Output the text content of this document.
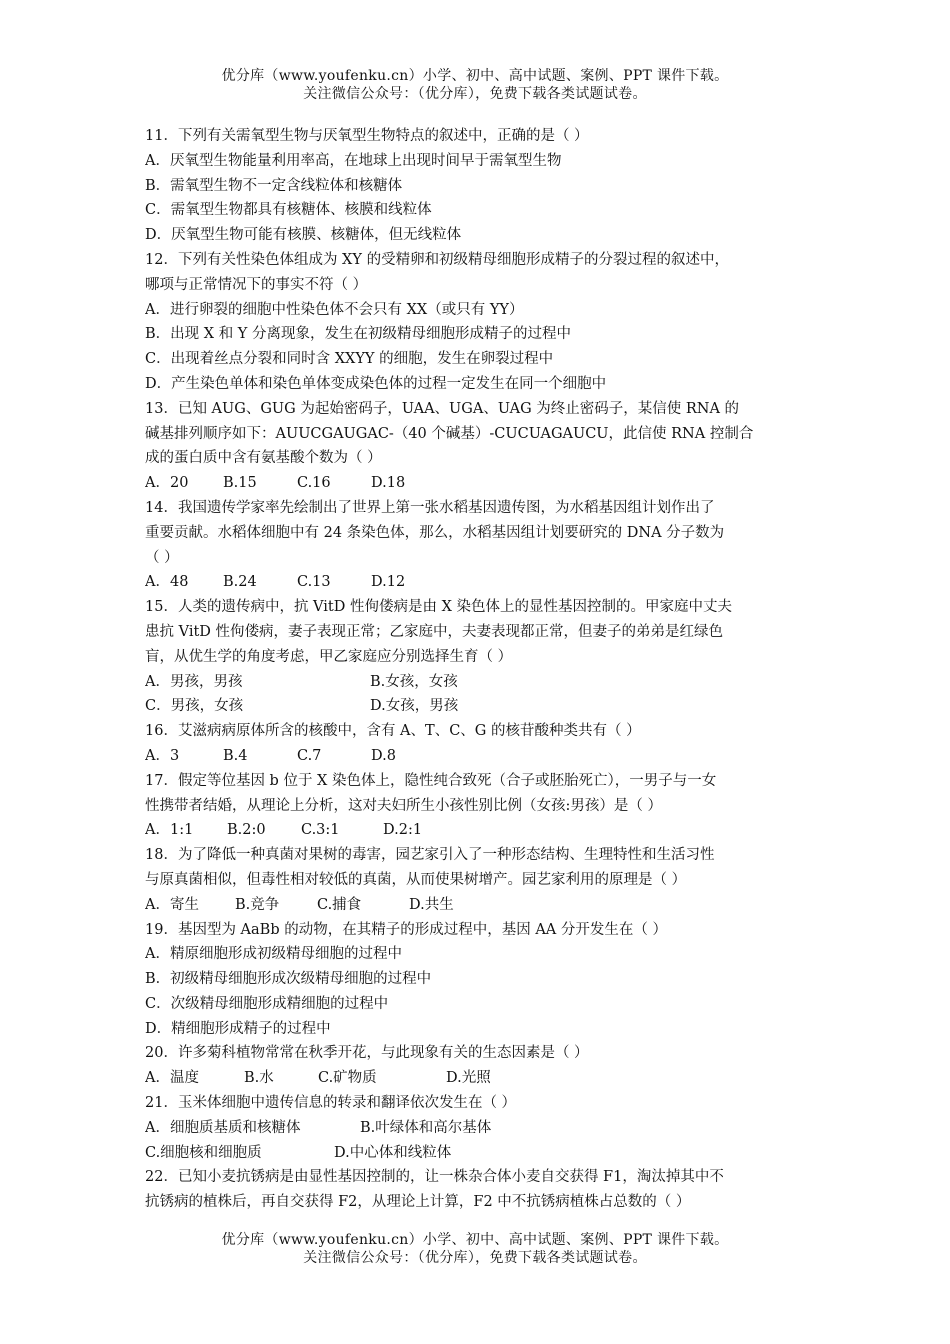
优分库（www.youfenku.cn）小学、初中、高中试题、案例、PPT 课件下载。
关注微信公众号：（优分库），免费下载各类试题试卷。
11．下列有关需氧型生物与厌氧型生物特点的叙述中，正确的是（ ）
A．厌氧型生物能量利用率高，在地球上出现时间早于需氧型生物
B．需氧型生物不一定含线粒体和核糖体
C．需氧型生物都具有核糖体、核膜和线粒体
D．厌氧型生物可能有核膜、核糖体，但无线粒体
12．下列有关性染色体组成为 XY 的受精卵和初级精母细胞形成精子的分裂过程的叙述中，
哪项与正常情况下的事实不符（ ）
A．进行卵裂的细胞中性染色体不会只有 XX（或只有 YY）
B．出现 X 和 Y 分离现象，发生在初级精母细胞形成精子的过程中
C．出现着丝点分裂和同时含 XXYY 的细胞，发生在卵裂过程中
D．产生染色单体和染色单体变成染色体的过程一定发生在同一个细胞中
13．已知 AUG、GUG 为起始密码子，UAA、UGA、UAG 为终止密码子，某信使 RNA 的
碱基排列顺序如下：AUUCGAUGAC-（40 个碱基）-CUCUAGAUCU，此信使 RNA 控制合
成的蛋白质中含有氨基酸个数为（ ）
A．20 B.15	C.16	D.18
14．我国遗传学家率先绘制出了世界上第一张水稻基因遗传图，为水稻基因组计划作出了
重要贡献。水稻体细胞中有 24 条染色体，那么，水稻基因组计划要研究的 DNA 分子数为
（ ）
A．48 B.24	C.13	D.12
15．人类的遗传病中，抗 VitD 性佝偻病是由 X 染色体上的显性基因控制的。甲家庭中丈夫
患抗 VitD 性佝偻病，妻子表现正常；乙家庭中，夫妻表现都正常，但妻子的弟弟是红绿色
盲，从优生学的角度考虑，甲乙家庭应分别选择生育（ ）
A．男孩，男孩	B.女孩，女孩
C．男孩，女孩	D.女孩，男孩
16．艾滋病病原体所含的核酸中，含有 A、T、C、G 的核苷酸种类共有（ ）
A．3	B.4	C.7	D.8
17．假定等位基因 b 位于 X 染色体上，隐性纯合致死（合子或胚胎死亡），一男子与一女
性携带者结婚，从理论上分析，这对夫妇所生小孩性别比例（女孩:男孩）是（ ）
A．1:1 B.2:0 C.3:1	D.2:1
18．为了降低一种真菌对果树的毒害，园艺家引入了一种形态结构、生理特性和生活习性
与原真菌相似，但毒性相对较低的真菌，从而使果树增产。园艺家利用的原理是（ ）
A．寄生 B.竞争	C.捕食	D.共生
19．基因型为 AaBb 的动物，在其精子的形成过程中，基因 AA 分开发生在（ ）
A．精原细胞形成初级精母细胞的过程中
B．初级精母细胞形成次级精母细胞的过程中
C．次级精母细胞形成精细胞的过程中
D．精细胞形成精子的过程中
20．许多菊科植物常常在秋季开花，与此现象有关的生态因素是（ ）
A．温度	B.水	C.矿物质	D.光照
21．玉米体细胞中遗传信息的转录和翻译依次发生在（ ）
A．细胞质基质和核糖体	B.叶绿体和高尔基体
C.细胞核和细胞质	D.中心体和线粒体
22．已知小麦抗锈病是由显性基因控制的，让一株杂合体小麦自交获得 F1，淘汰掉其中不
抗锈病的植株后，再自交获得 F2，从理论上计算，F2 中不抗锈病植株占总数的（ ）
优分库（www.youfenku.cn）小学、初中、高中试题、案例、PPT 课件下载。
关注微信公众号：（优分库），免费下载各类试题试卷。
